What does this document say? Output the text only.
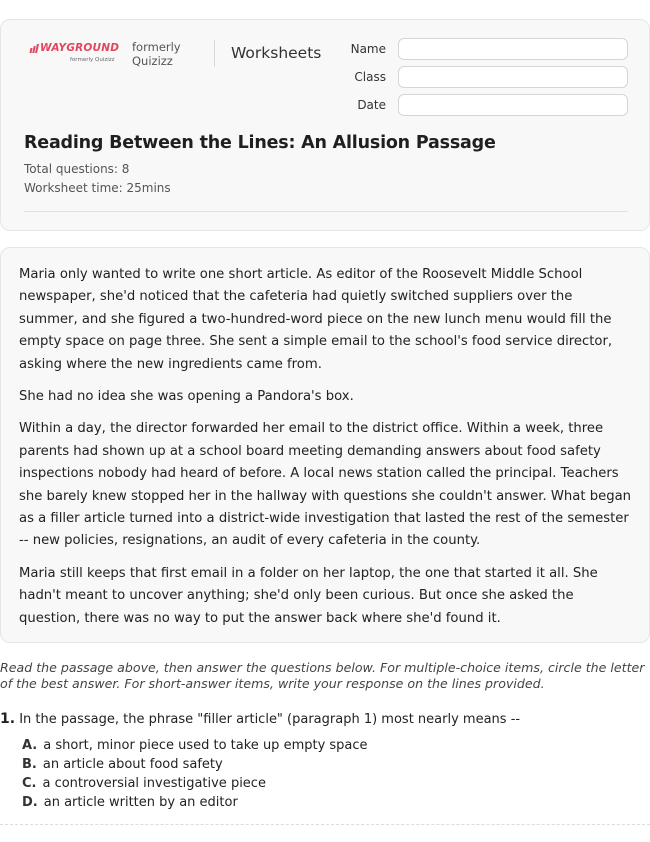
WAYGROUND
formerly Quizizz
formerly Quizizz	Worksheets Name
Class
Date
Reading Between the Lines: An Allusion Passage
Total questions: 8
Worksheet time: 25mins

Maria only wanted to write one short article. As editor of the Roosevelt Middle School newspaper, she'd noticed that the cafeteria had quietly switched suppliers over the summer, and she figured a two-hundred-word piece on the new lunch menu would fill the empty space on page three. She sent a simple email to the school's food service director, asking where the new ingredients came from.

She had no idea she was opening a Pandora's box.

Within a day, the director forwarded her email to the district office. Within a week, three parents had shown up at a school board meeting demanding answers about food safety inspections nobody had heard of before. A local news station called the principal. Teachers she barely knew stopped her in the hallway with questions she couldn't answer. What began as a filler article turned into a district-wide investigation that lasted the rest of the semester -- new policies, resignations, an audit of every cafeteria in the county.

Maria still keeps that first email in a folder on her laptop, the one that started it all. She hadn't meant to uncover anything; she'd only been curious. But once she asked the question, there was no way to put the answer back where she'd found it.

Read the passage above, then answer the questions below. For multiple-choice items, circle the letter of the best answer. For short-answer items, write your response on the lines provided.
1. In the passage, the phrase "filler article" (paragraph 1) most nearly means --
A. a short, minor piece used to take up empty space
B. an article about food safety
C. a controversial investigative piece
D. an article written by an editor
